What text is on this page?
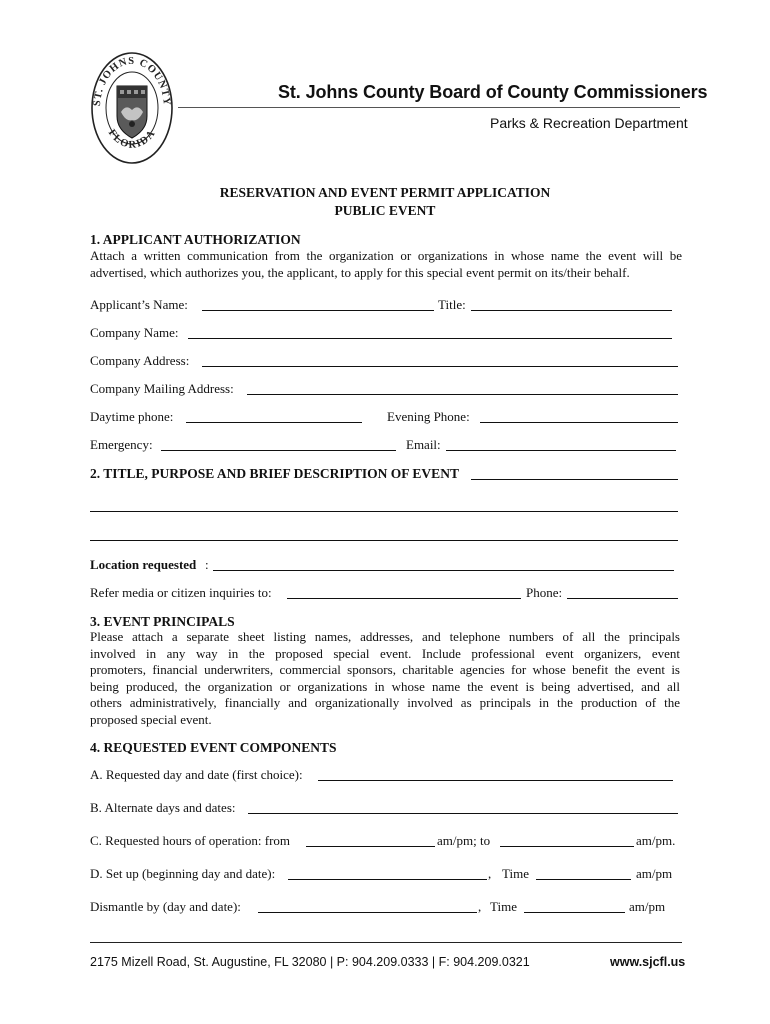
ST. JOHNS COUNTY
FLORIDA
St. Johns County Board of County Commissioners
Parks & Recreation Department
RESERVATION AND EVENT PERMIT APPLICATION
PUBLIC EVENT
1. APPLICANT AUTHORIZATION
Attach a written communication from the organization or organizations in whose name the event will be
advertised, which authorizes you, the applicant, to apply for this special event permit on its/their behalf.
Applicant’s Name:	Title:
Company Name:
Company Address:
Company Mailing Address:
Daytime phone:	Evening Phone:
Emergency:	Email:
2. TITLE, PURPOSE AND BRIEF DESCRIPTION OF EVENT
Location requested :
Refer media or citizen inquiries to:	Phone:
3. EVENT PRINCIPALS
Please attach a separate sheet listing names, addresses, and telephone numbers of all the principals
involved in any way in the proposed special event. Include professional event organizers, event
promoters, financial underwriters, commercial sponsors, charitable agencies for whose benefit the event is
being produced, the organization or organizations in whose name the event is being advertised, and all
others administratively, financially and organizationally involved as principals in the production of the
proposed special event.
4. REQUESTED EVENT COMPONENTS
A. Requested day and date (first choice):
B. Alternate days and dates:
C. Requested hours of operation: from	am/pm; to	am/pm.
D. Set up (beginning day and date):	, Time	am/pm
Dismantle by (day and date):	, Time	am/pm
2175 Mizell Road, St. Augustine, FL 32080 | P: 904.209.0333 | F: 904.209.0321	www.sjcfl.us
